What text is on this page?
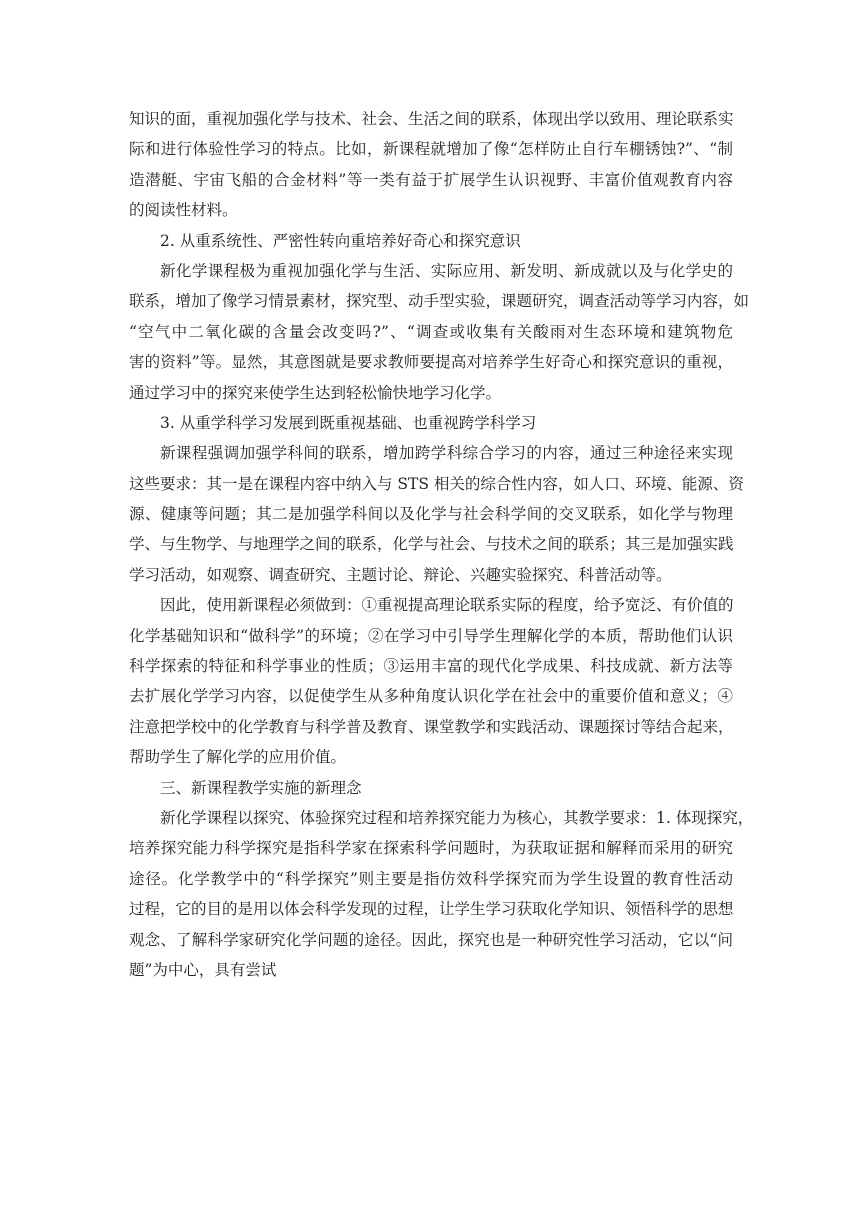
知识的面，重视加强化学与技术、社会、生活之间的联系，体现出学以致用、理论联系实
际和进行体验性学习的特点。比如，新课程就增加了像“怎样防止自行车棚锈蚀?”、“制
造潜艇、宇宙飞船的合金材料”等一类有益于扩展学生认识视野、丰富价值观教育内容
的阅读性材料。
2. 从重系统性、严密性转向重培养好奇心和探究意识
新化学课程极为重视加强化学与生活、实际应用、新发明、新成就以及与化学史的
联系，增加了像学习情景素材，探究型、动手型实验，课题研究，调查活动等学习内容，如
“空气中二氧化碳的含量会改变吗?”、“调查或收集有关酸雨对生态环境和建筑物危
害的资料”等。显然，其意图就是要求教师要提高对培养学生好奇心和探究意识的重视，
通过学习中的探究来使学生达到轻松愉快地学习化学。
3. 从重学科学习发展到既重视基础、也重视跨学科学习
新课程强调加强学科间的联系，增加跨学科综合学习的内容，通过三种途径来实现
这些要求：其一是在课程内容中纳入与 STS 相关的综合性内容，如人口、环境、能源、资
源、健康等问题；其二是加强学科间以及化学与社会科学间的交叉联系，如化学与物理
学、与生物学、与地理学之间的联系，化学与社会、与技术之间的联系；其三是加强实践
学习活动，如观察、调查研究、主题讨论、辩论、兴趣实验探究、科普活动等。
因此，使用新课程必须做到：①重视提高理论联系实际的程度，给予宽泛、有价值的
化学基础知识和“做科学”的环境；②在学习中引导学生理解化学的本质，帮助他们认识
科学探索的特征和科学事业的性质；③运用丰富的现代化学成果、科技成就、新方法等
去扩展化学学习内容，以促使学生从多种角度认识化学在社会中的重要价值和意义；④
注意把学校中的化学教育与科学普及教育、课堂教学和实践活动、课题探讨等结合起来，
帮助学生了解化学的应用价值。
三、新课程教学实施的新理念
新化学课程以探究、体验探究过程和培养探究能力为核心，其教学要求：1. 体现探究，
培养探究能力科学探究是指科学家在探索科学问题时，为获取证据和解释而采用的研究
途径。化学教学中的“科学探究”则主要是指仿效科学探究而为学生设置的教育性活动
过程，它的目的是用以体会科学发现的过程，让学生学习获取化学知识、领悟科学的思想
观念、了解科学家研究化学问题的途径。因此，探究也是一种研究性学习活动，它以“问
题”为中心，具有尝试
